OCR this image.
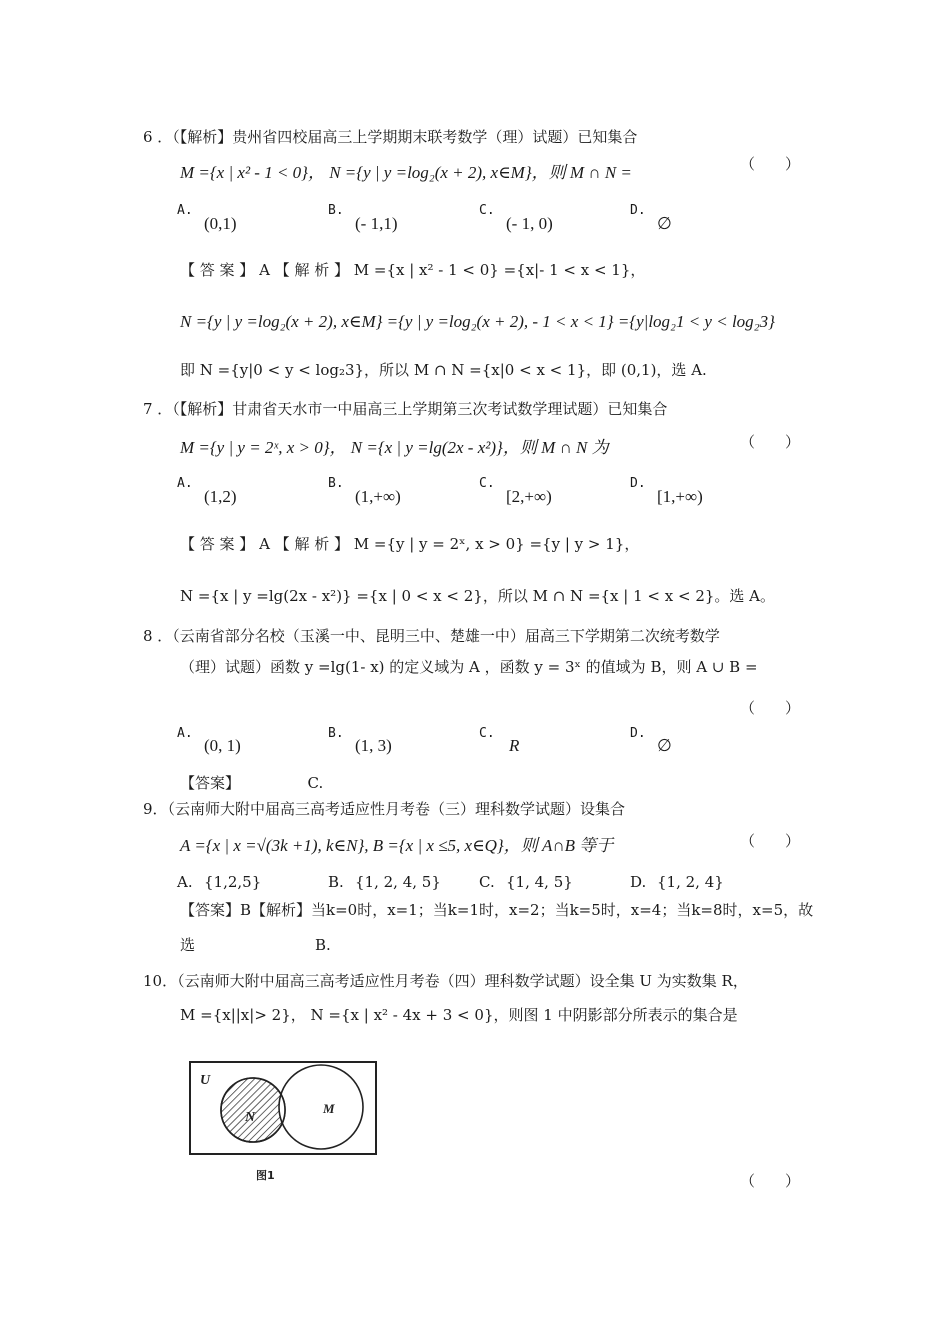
6 ．（【解析】贵州省四校届高三上学期期末联考数学（理）试题）已知集合
M ={x | x² - 1 < 0}， N ={y | y =log₂(x + 2), x∈M}，则 M ∩ N =	（　　）
A.
(0,1)
B.
(- 1,1)
C.
(- 1, 0)
D.
∅
【 答 案 】 A 【 解 析 】 M ={x | x² - 1 < 0} ={x|- 1 < x < 1}，
N ={y | y =log₂(x + 2), x∈M} ={y | y =log₂(x + 2), - 1 < x < 1} ={y|log₂1 < y < log₂3}
即 N ={y|0 < y < log₂3}，所以 M ∩ N ={x|0 < x < 1}，即 (0,1)，选 A.
7 ．（【解析】甘肃省天水市一中届高三上学期第三次考试数学理试题）已知集合
M ={y | y = 2ˣ, x > 0}， N ={x | y =lg(2x - x²)}，则 M ∩ N 为	（　　）
A.
(1,2)
B.
(1,+∞)
C.
[2,+∞)
D.
[1,+∞)
【 答 案 】 A 【 解 析 】 M ={y | y = 2ˣ, x > 0} ={y | y > 1}，
N ={x | y =lg(2x - x²)} ={x | 0 < x < 2}，所以 M ∩ N ={x | 1 < x < 2}。选 A。
8 ．（云南省部分名校（玉溪一中、昆明三中、楚雄一中）届高三下学期第二次统考数学
（理）试题）函数 y =lg(1- x) 的定义域为 A ，函数 y = 3ˣ 的值域为 B，则 A ∪ B =
（　　）
A.
(0, 1)
B.
(1, 3)
C.
R
D.
∅
【答案】　　　　　C.
9．（云南师大附中届高三高考适应性月考卷（三）理科数学试题）设集合
A ={x | x =√(3k +1), k∈N}, B ={x | x ≤5, x∈Q}，则 A∩B 等于	（　　）
A. {1,2,5}	B. {1, 2, 4, 5}	C. {1, 4, 5}	D. {1, 2, 4}
【答案】B【解析】当k=0时，x=1；当k=1时，x=2；当k=5时，x=4；当k=8时，x=5，故
选　　　　　　　　B.
10．（云南师大附中届高三高考适应性月考卷（四）理科数学试题）设全集 U 为实数集 R，
M ={x||x|> 2}， N ={x | x² - 4x + 3 < 0}，则图 1 中阴影部分所表示的集合是
U
N
M
图1	（　　）
